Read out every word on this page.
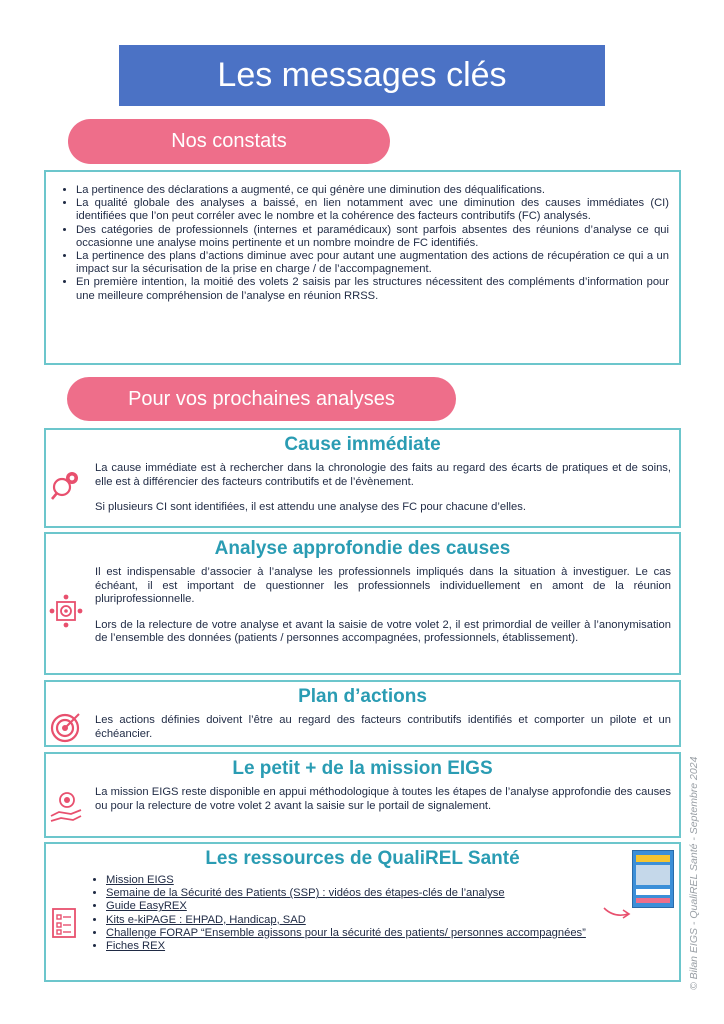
Les messages clés
Nos constats
• La pertinence des déclarations a augmenté, ce qui génère une diminution des déqualifications.
• La qualité globale des analyses a baissé, en lien notamment avec une diminution des causes immédiates (CI) identifiées que l’on peut corréler avec le nombre et la cohérence des facteurs contributifs (FC) analysés.
• Des catégories de professionnels (internes et paramédicaux) sont parfois absentes des réunions d’analyse ce qui occasionne une analyse moins pertinente et un nombre moindre de FC identifiés.
• La pertinence des plans d’actions diminue avec pour autant une augmentation des actions de récupération ce qui a un impact sur la sécurisation de la prise en charge / de l’accompagnement.
• En première intention, la moitié des volets 2 saisis par les structures nécessitent des compléments d’information pour une meilleure compréhension de l’analyse en réunion RRSS.
Pour vos prochaines analyses
Cause immédiate

La cause immédiate est à rechercher dans la chronologie des faits au regard des écarts de pratiques et de soins, elle est à différencier des facteurs contributifs et de l’évènement.

Si plusieurs CI sont identifiées, il est attendu une analyse des FC pour chacune d’elles.

Analyse approfondie des causes

Il est indispensable d’associer à l’analyse les professionnels impliqués dans la situation à investiguer. Le cas échéant, il est important de questionner les professionnels individuellement en amont de la réunion pluriprofessionnelle.

Lors de la relecture de votre analyse et avant la saisie de votre volet 2, il est primordial de veiller à l’anonymisation de l’ensemble des données (patients / personnes accompagnées, professionnels, établissement).

Plan d’actions

Les actions définies doivent l’être au regard des facteurs contributifs identifiés et comporter un pilote et un échéancier.

Le petit + de la mission EIGS

La mission EIGS reste disponible en appui méthodologique à toutes les étapes de l’analyse approfondie des causes ou pour la relecture de votre volet 2 avant la saisie sur le portail de signalement.

Les ressources de QualiREL Santé
• Mission EIGS
• Semaine de la Sécurité des Patients (SSP) : vidéos des étapes-clés de l’analyse
• Guide EasyREX
• Kits e-kiPAGE : EHPAD, Handicap, SAD
• Challenge FORAP “Ensemble agissons pour la sécurité des patients/ personnes accompagnées”
• Fiches REX	© Bilan EIGS - QualiREL Santé - Septembre 2024
